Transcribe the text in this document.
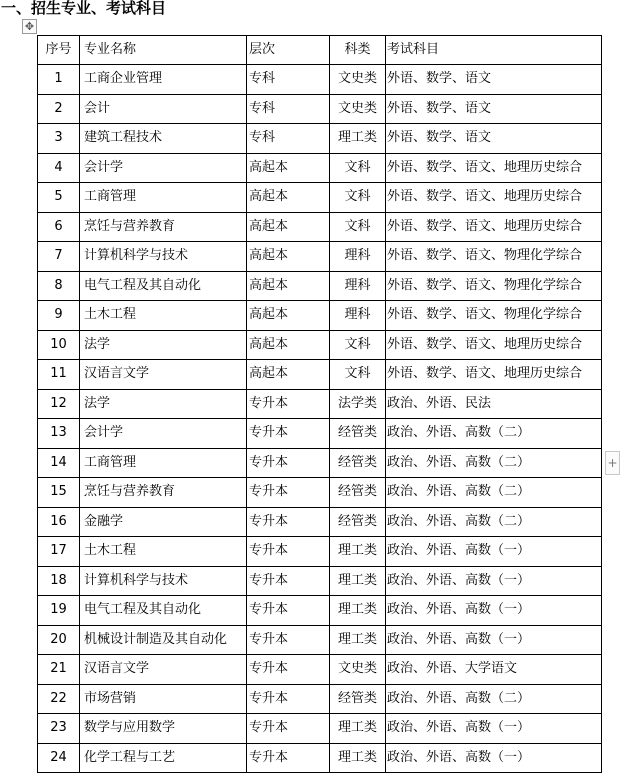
一、招生专业、考试科目
✥
序号	专业名称	层次	科类	考试科目
1	工商企业管理	专科	文史类	外语、数学、语文
2	会计	专科	文史类	外语、数学、语文
3	建筑工程技术	专科	理工类	外语、数学、语文
4	会计学	高起本	文科	外语、数学、语文、地理历史综合
5	工商管理	高起本	文科	外语、数学、语文、地理历史综合
6	烹饪与营养教育	高起本	文科	外语、数学、语文、地理历史综合
7	计算机科学与技术	高起本	理科	外语、数学、语文、物理化学综合
8	电气工程及其自动化	高起本	理科	外语、数学、语文、物理化学综合
9	土木工程	高起本	理科	外语、数学、语文、物理化学综合
10	法学	高起本	文科	外语、数学、语文、地理历史综合
11	汉语言文学	高起本	文科	外语、数学、语文、地理历史综合
12	法学	专升本	法学类	政治、外语、民法
13	会计学	专升本	经管类	政治、外语、高数（二）
14	工商管理	专升本	经管类	政治、外语、高数（二）
15	烹饪与营养教育	专升本	经管类	政治、外语、高数（二）
16	金融学	专升本	经管类	政治、外语、高数（二）
17	土木工程	专升本	理工类	政治、外语、高数（一）
18	计算机科学与技术	专升本	理工类	政治、外语、高数（一）
19	电气工程及其自动化	专升本	理工类	政治、外语、高数（一）
20	机械设计制造及其自动化	专升本	理工类	政治、外语、高数（一）
21	汉语言文学	专升本	文史类	政治、外语、大学语文
22	市场营销	专升本	经管类	政治、外语、高数（二）
23	数学与应用数学	专升本	理工类	政治、外语、高数（一）
24	化学工程与工艺	专升本	理工类	政治、外语、高数（一）
+
